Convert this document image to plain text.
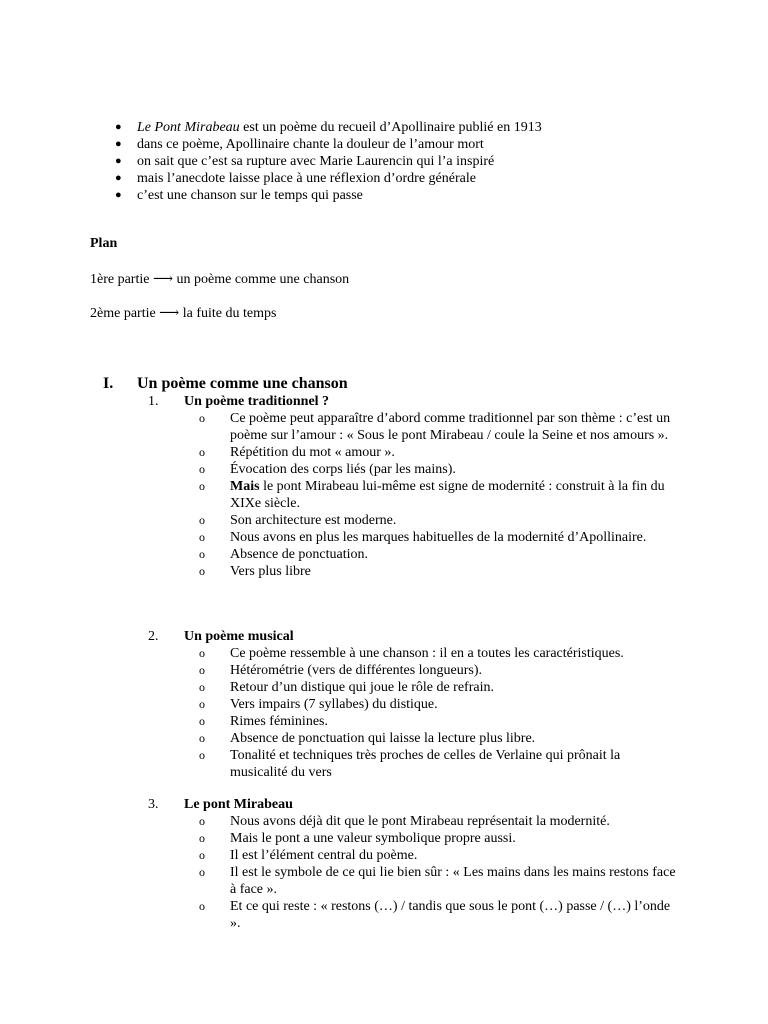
● Le Pont Mirabeau est un poème du recueil d’Apollinaire publié en 1913
● dans ce poème, Apollinaire chante la douleur de l’amour mort
● on sait que c’est sa rupture avec Marie Laurencin qui l’a inspiré
● mais l’anecdote laisse place à une réflexion d’ordre générale
● c’est une chanson sur le temps qui passe
Plan
1ère partie ⟶ un poème comme une chanson
2ème partie ⟶ la fuite du temps
I. Un poème comme une chanson
1. Un poème traditionnel ?
o Ce poème peut apparaître d’abord comme traditionnel par son thème : c’est un poème sur l’amour : « Sous le pont Mirabeau / coule la Seine et nos amours ».
o Répétition du mot « amour ».
o Évocation des corps liés (par les mains).
o Mais le pont Mirabeau lui-même est signe de modernité : construit à la fin du XIXe siècle.
o Son architecture est moderne.
o Nous avons en plus les marques habituelles de la modernité d’Apollinaire.
o Absence de ponctuation.
o Vers plus libre
2. Un poème musical
o Ce poème ressemble à une chanson : il en a toutes les caractéristiques.
o Hétérométrie (vers de différentes longueurs).
o Retour d’un distique qui joue le rôle de refrain.
o Vers impairs (7 syllabes) du distique.
o Rimes féminines.
o Absence de ponctuation qui laisse la lecture plus libre.
o Tonalité et techniques très proches de celles de Verlaine qui prônait la musicalité du vers
3. Le pont Mirabeau
o Nous avons déjà dit que le pont Mirabeau représentait la modernité.
o Mais le pont a une valeur symbolique propre aussi.
o Il est l’élément central du poème.
o Il est le symbole de ce qui lie bien sûr : « Les mains dans les mains restons face à face ».
o Et ce qui reste : « restons (…) / tandis que sous le pont (…) passe / (…) l’onde ».
